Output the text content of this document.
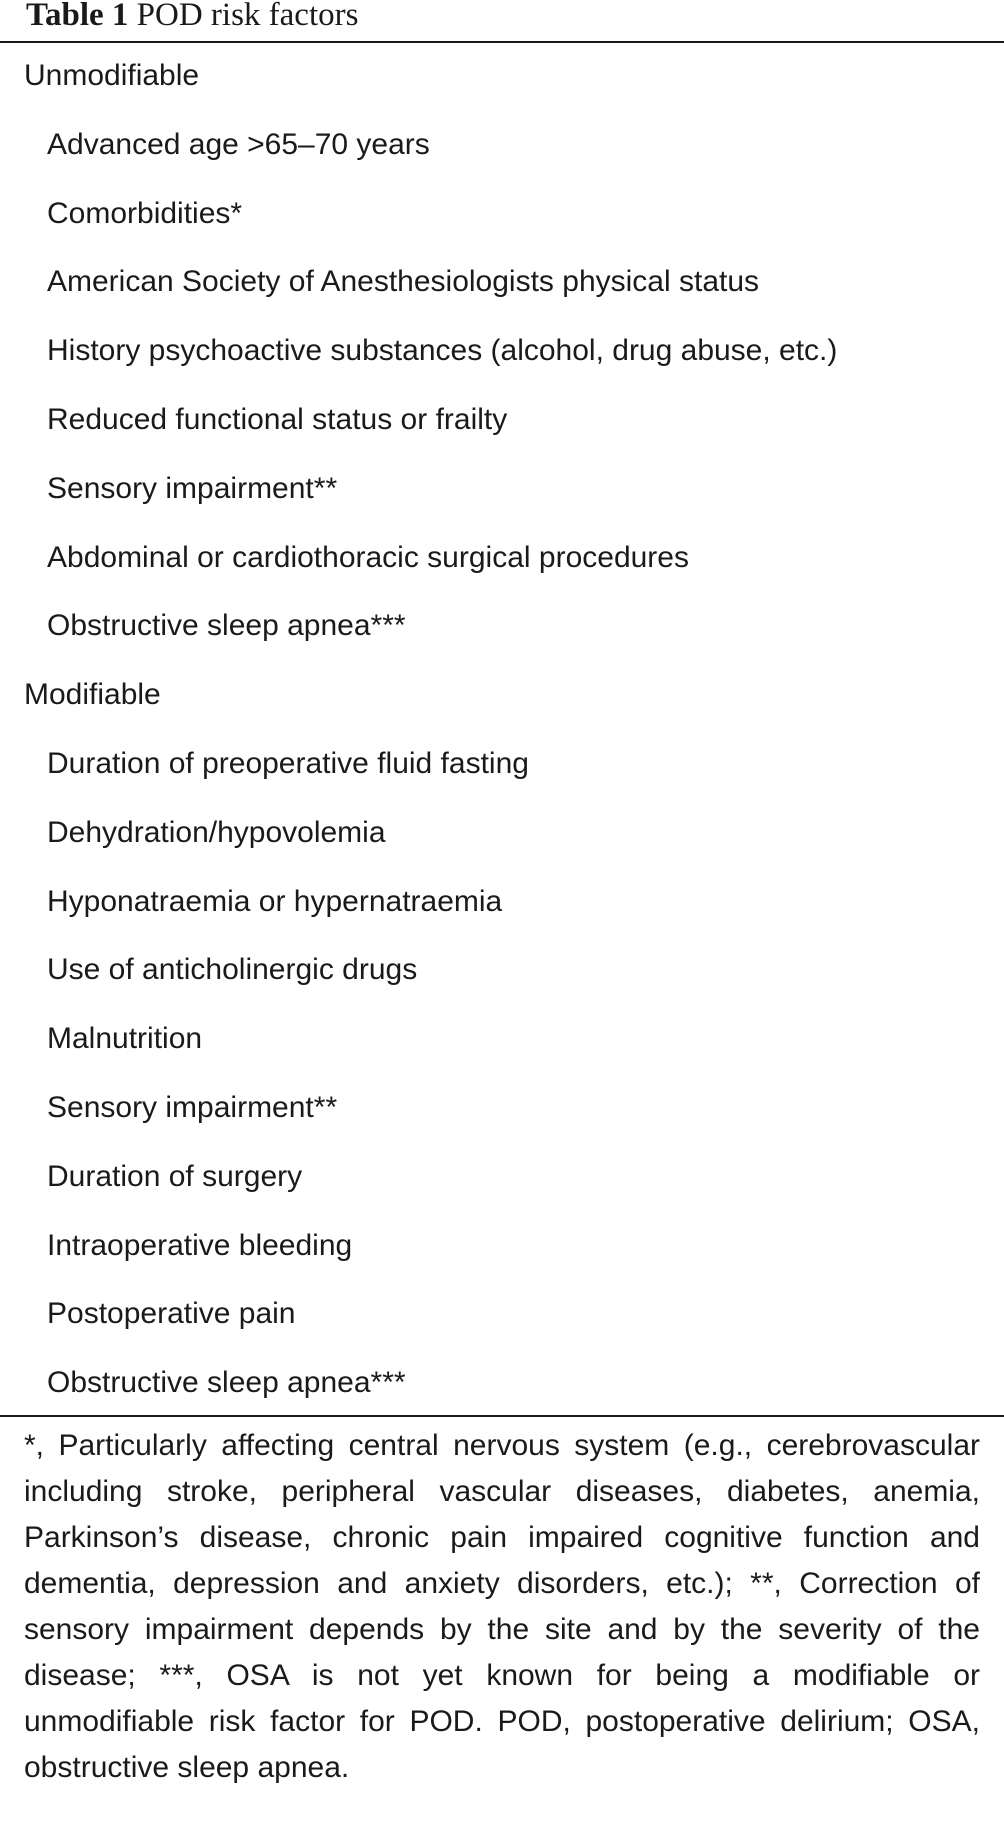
Table 1 POD risk factors
Unmodifiable
Advanced age >65–70 years
Comorbidities*
American Society of Anesthesiologists physical status
History psychoactive substances (alcohol, drug abuse, etc.)
Reduced functional status or frailty
Sensory impairment**
Abdominal or cardiothoracic surgical procedures
Obstructive sleep apnea***
Modifiable
Duration of preoperative fluid fasting
Dehydration/hypovolemia
Hyponatraemia or hypernatraemia
Use of anticholinergic drugs
Malnutrition
Sensory impairment**
Duration of surgery
Intraoperative bleeding
Postoperative pain
Obstructive sleep apnea***
*, Particularly affecting central nervous system (e.g., cerebrovascular including stroke, peripheral vascular diseases, diabetes, anemia, Parkinson’s disease, chronic pain impaired cognitive function and dementia, depression and anxiety disorders, etc.); **, Correction of sensory impairment depends by the site and by the severity of the disease; ***, OSA is not yet known for being a modifiable or unmodifiable risk factor for POD. POD, postoperative delirium; OSA, obstructive sleep apnea.
